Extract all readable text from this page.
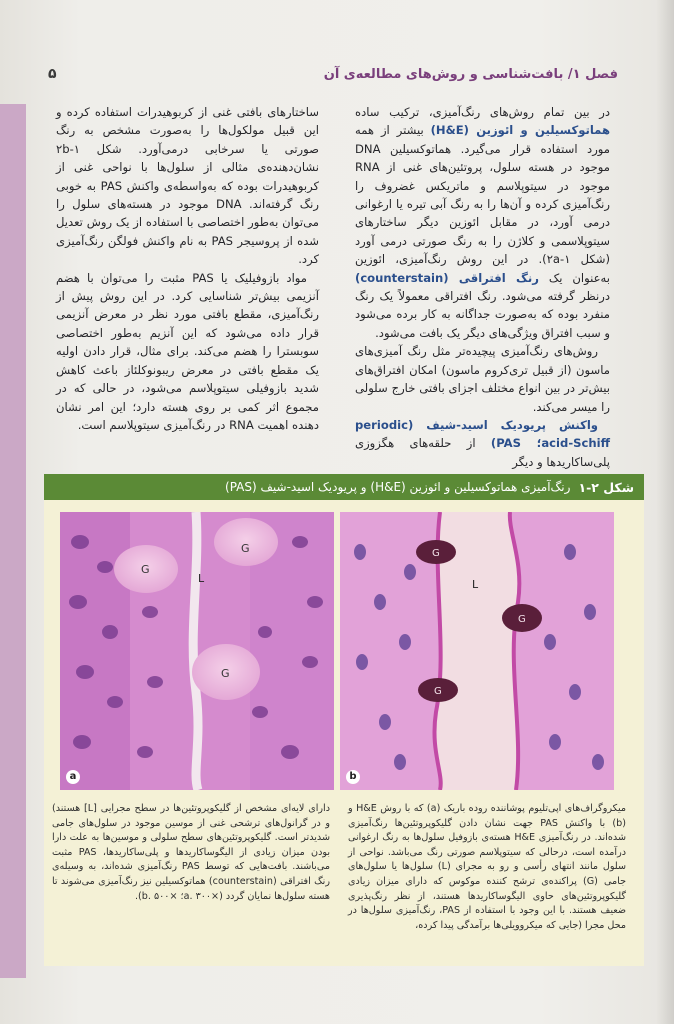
فصل ۱/ بافت‌شناسی و روش‌های مطالعه‌ی آن
۵

در بین تمام روش‌های رنگ‌آمیزی، ترکیب ساده هماتوکسیلین و ائوزین (H&E) بیشتر از همه مورد استفاده قرار می‌گیرد. هماتوکسیلین DNA موجود در هسته سلول، پروتئین‌های غنی از RNA موجود در سیتوپلاسم و ماتریکس غضروف را رنگ‌آمیزی کرده و آن‌ها را به رنگ آبی تیره یا ارغوانی درمی آورد، در مقابل ائوزین دیگر ساختارهای سیتوپلاسمی و کلاژن را به رنگ صورتی درمی آورد (شکل ۲a-۱). در این روش رنگ‌آمیزی، ائوزین به‌عنوان یک رنگ افتراقی (counterstain) درنظر گرفته می‌شود. رنگ افتراقی معمولاً یک رنگ منفرد بوده که به‌صورت جداگانه به کار برده می‌شود و سبب افتراق ویژگی‌های دیگر یک بافت می‌شود.

روش‌های رنگ‌آمیزی پیچیده‌تر مثل رنگ آمیزی‌های ماسون (از قبیل تری‌کروم ماسون) امکان افتراق‌های بیش‌تر در بین انواع مختلف اجزای بافتی خارج سلولی را میسر می‌کند.

واکنش پریودیک اسید-شیف (periodic acid-Schiff؛ PAS) از حلقه‌های هگزوزی پلی‌ساکاریدها و دیگر

ساختارهای بافتی غنی از کربوهیدرات استفاده کرده و این قبیل مولکول‌ها را به‌صورت مشخص به رنگ صورتی یا سرخابی درمی‌آورد. شکل ۲b-۱ نشان‌دهنده‌ی مثالی از سلول‌ها با نواحی غنی از کربوهیدرات بوده که به‌واسطه‌ی واکنش PAS به خوبی رنگ گرفته‌اند. DNA موجود در هسته‌های سلول را می‌توان به‌طور اختصاصی با استفاده از یک روش تعدیل شده از پروسیجر PAS به نام واکنش فولگن رنگ‌آمیزی کرد.

مواد بازوفیلیک یا PAS مثبت را می‌توان با هضم آنزیمی بیش‌تر شناسایی کرد. در این روش پیش از رنگ‌آمیزی، مقطع بافتی مورد نظر در معرض آنزیمی قرار داده می‌شود که این آنزیم به‌طور اختصاصی سوبسترا را هضم می‌کند. برای مثال، قرار دادن اولیه یک مقطع بافتی در معرض ریبونوکلئاز باعث کاهش شدید بازوفیلی سیتوپلاسم می‌شود، در حالی که در مجموع اثر کمی بر روی هسته دارد؛ این امر نشان دهنده اهمیت RNA در رنگ‌آمیزی سیتوپلاسم است.

شکل ۲-۱
رنگ‌آمیزی هماتوکسیلین و ائوزین (H&E) و پریودیک اسید-شیف (PAS)
G
G
G
L
a
G
G
G
L
b
میکروگراف‌های اپی‌تلیوم پوشاننده روده باریک (a) که با روش H&E و (b) با واکنش PAS جهت نشان دادن گلیکوپروتئین‌ها رنگ‌آمیزی شده‌اند. در رنگ‌آمیزی H&E هسته‌ی بازوفیل سلول‌ها به رنگ ارغوانی درآمده است، درحالی که سیتوپلاسم صورتی رنگ می‌باشد. نواحی از سلول مانند انتهای رأسی و رو به مجرای (L) سلول‌ها یا سلول‌های جامی (G) پراکنده‌ی ترشح کننده موکوس که دارای میزان زیادی گلیکوپروتئین‌های حاوی الیگوساکاریدها هستند، از نظر رنگ‌پذیری ضعیف هستند. با این وجود با استفاده از PAS، رنگ‌آمیزی سلول‌ها در محل مجرا (جایی که میکروویلی‌ها برآمدگی پیدا کرده،
دارای لایه‌ای مشخص از گلیکوپروتئین‌ها در سطح مجرایی [L] هستند) و در گرانول‌های ترشحی غنی از موسین موجود در سلول‌های جامی شدیدتر است. گلیکوپروتئین‌های سطح سلولی و موسین‌ها به علت دارا بودن میزان زیادی از الیگوساکاریدها و پلی‌ساکاریدها، PAS مثبت می‌باشند. بافت‌هایی که توسط PAS رنگ‌آمیزی شده‌اند، به وسیله‌ی رنگ افتراقی (counterstain) هماتوکسیلین نیز رنگ‌آمیزی می‌شوند تا هسته سلول‌ها نمایان گردد (×۳۰۰ .a؛ ×۵۰۰ .b).
